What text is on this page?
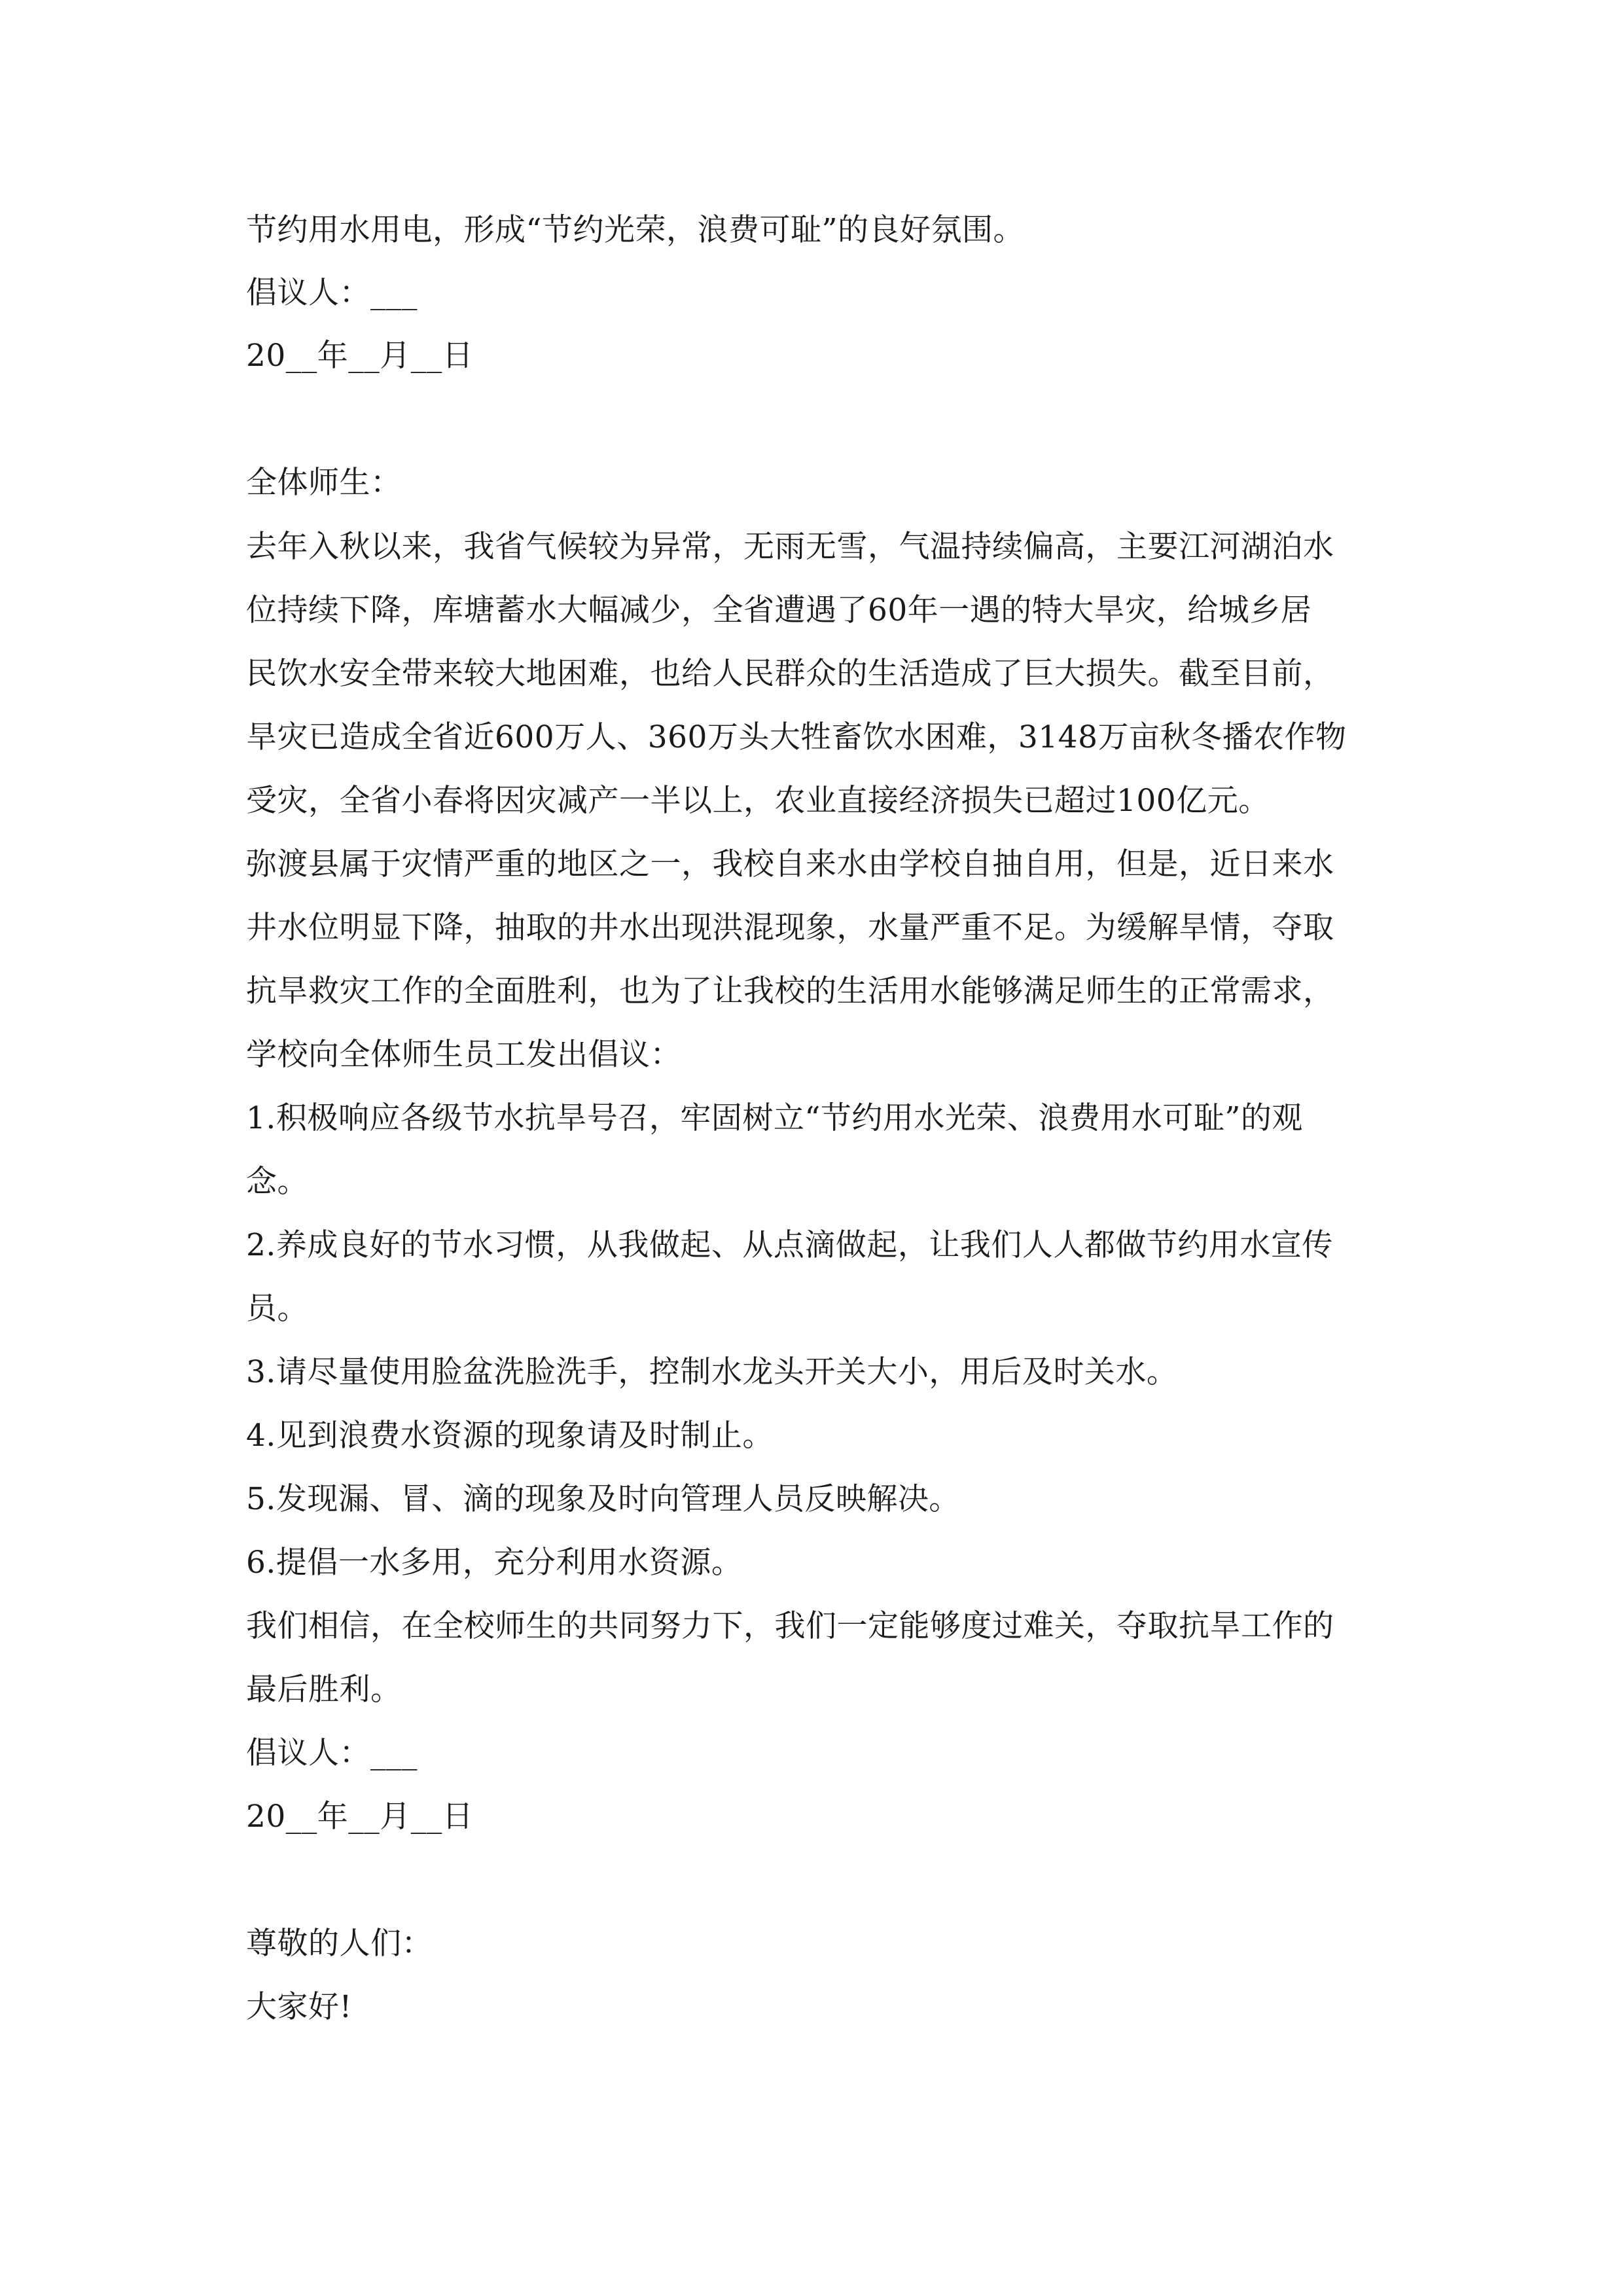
节约用水用电，形成“节约光荣，浪费可耻”的良好氛围。
倡议人：___
20__年__月__日
全体师生：
去年入秋以来，我省气候较为异常，无雨无雪，气温持续偏高，主要江河湖泊水
位持续下降，库塘蓄水大幅减少，全省遭遇了60年一遇的特大旱灾，给城乡居
民饮水安全带来较大地困难，也给人民群众的生活造成了巨大损失。截至目前，
旱灾已造成全省近600万人、360万头大牲畜饮水困难，3148万亩秋冬播农作物
受灾，全省小春将因灾减产一半以上，农业直接经济损失已超过100亿元。
弥渡县属于灾情严重的地区之一，我校自来水由学校自抽自用，但是，近日来水
井水位明显下降，抽取的井水出现洪混现象，水量严重不足。为缓解旱情，夺取
抗旱救灾工作的全面胜利，也为了让我校的生活用水能够满足师生的正常需求，
学校向全体师生员工发出倡议：
1.积极响应各级节水抗旱号召，牢固树立“节约用水光荣、浪费用水可耻”的观
念。
2.养成良好的节水习惯，从我做起、从点滴做起，让我们人人都做节约用水宣传
员。
3.请尽量使用脸盆洗脸洗手，控制水龙头开关大小，用后及时关水。
4.见到浪费水资源的现象请及时制止。
5.发现漏、冒、滴的现象及时向管理人员反映解决。
6.提倡一水多用，充分利用水资源。
我们相信，在全校师生的共同努力下，我们一定能够度过难关，夺取抗旱工作的
最后胜利。
倡议人：___
20__年__月__日
尊敬的人们：
大家好!
